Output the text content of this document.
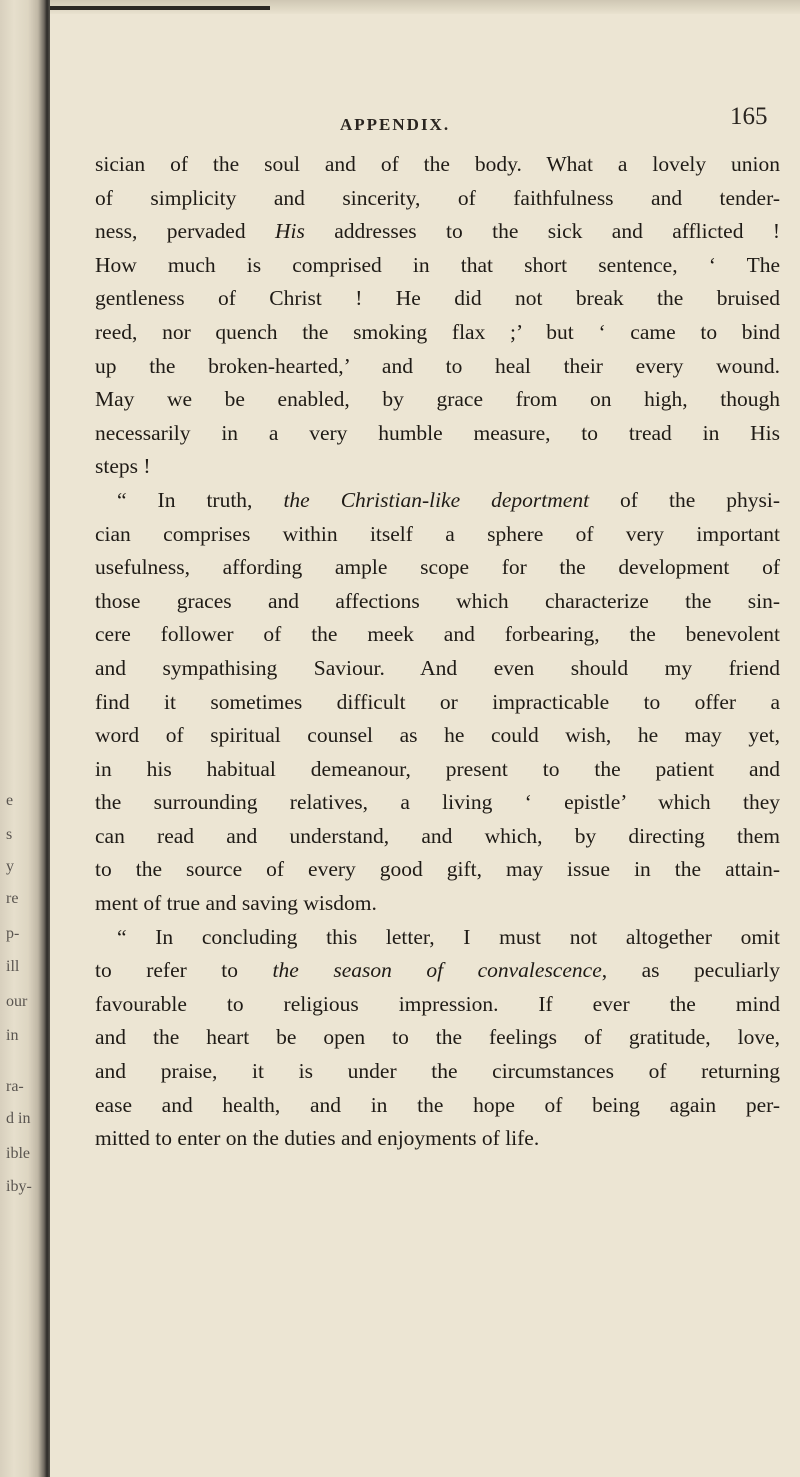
e
s
y
re
p-
ill
our
in
ra-
d in
ible
iby-
APPENDIX.	165
sician of the soul and of the body. What a lovely union
of simplicity and sincerity, of faithfulness and tender-
ness, pervaded His addresses to the sick and afflicted !
How much is comprised in that short sentence, ‘ The
gentleness of Christ ! He did not break the bruised
reed, nor quench the smoking flax ;’ but ‘ came to bind
up the broken-hearted,’ and to heal their every wound.
May we be enabled, by grace from on high, though
necessarily in a very humble measure, to tread in His
steps !
“ In truth, the Christian-like deportment of the physi-
cian comprises within itself a sphere of very important
usefulness, affording ample scope for the development of
those graces and affections which characterize the sin-
cere follower of the meek and forbearing, the benevolent
and sympathising Saviour. And even should my friend
find it sometimes difficult or impracticable to offer a
word of spiritual counsel as he could wish, he may yet,
in his habitual demeanour, present to the patient and
the surrounding relatives, a living ‘ epistle’ which they
can read and understand, and which, by directing them
to the source of every good gift, may issue in the attain-
ment of true and saving wisdom.
“ In concluding this letter, I must not altogether omit
to refer to the season of convalescence, as peculiarly
favourable to religious impression. If ever the mind
and the heart be open to the feelings of gratitude, love,
and praise, it is under the circumstances of returning
ease and health, and in the hope of being again per-
mitted to enter on the duties and enjoyments of life.
